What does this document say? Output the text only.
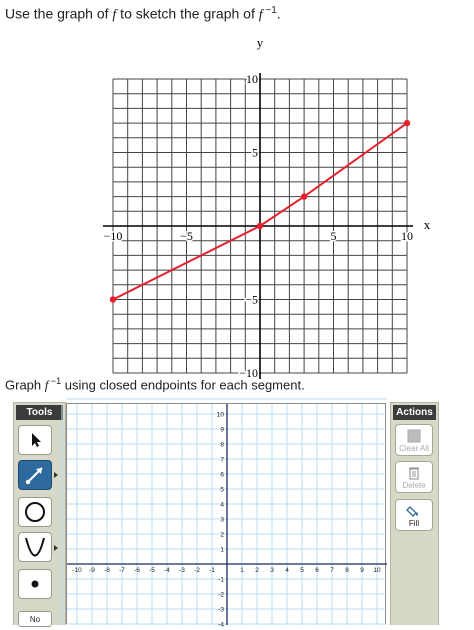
Use the graph of f to sketch the graph of f $^{-1}$.
−10	−5	5	10
10
5
−5
−10
y
x
Graph f $^{-1}$ using closed endpoints for each segment.
Tools
No
-10 -9 -8 -7 -6 -5 -4 -3 -2 -1	1 2 3 4 5 6 7 8 9 10
10
9
8
7
6
5
4
3
2
1
-1
-2
-3
-4
Actions
Clear All
Delete
Fill
